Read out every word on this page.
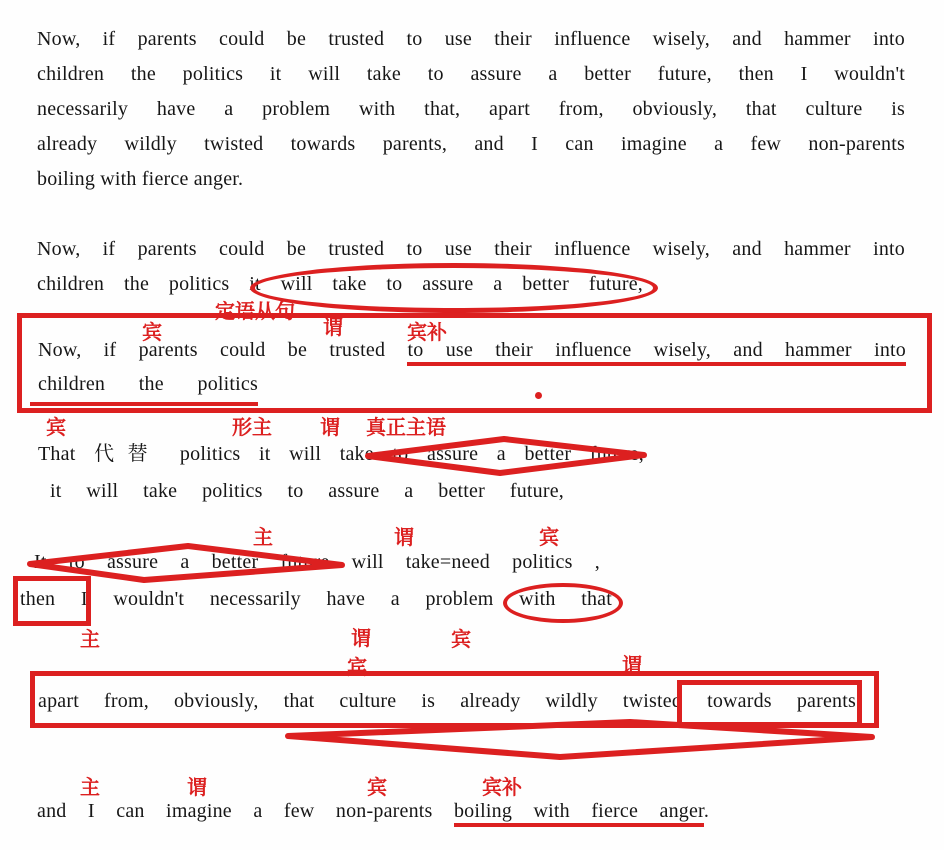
Now, if parents could be trusted to use their influence wisely, and hammer into
children the politics it will take to assure a better future, then I wouldn't
necessarily have a problem with that, apart from, obviously, that culture is
already wildly twisted towards parents, and I can imagine a few non-parents
boiling with fierce anger.
Now, if parents could be trusted to use their influence wisely, and hammer into
children the politics it will take to assure a better future,
定语从句
宾	谓	宾补
Now, if parents could be trusted to use their influence wisely, and hammer into
children the politics
宾	形主 谓 真正主语
That 代替 politics it will take to assure a better future,
it will take politics to assure a better future,
主	谓	宾
It to assure a better future will take=need politics ,
then I wouldn't necessarily have a problem with that
主	谓	宾
宾	谓
apart from, obviously, that culture is already wildly twisted towards parents
主	谓	宾	宾补
and I can imagine a few non-parents boiling with fierce anger.
